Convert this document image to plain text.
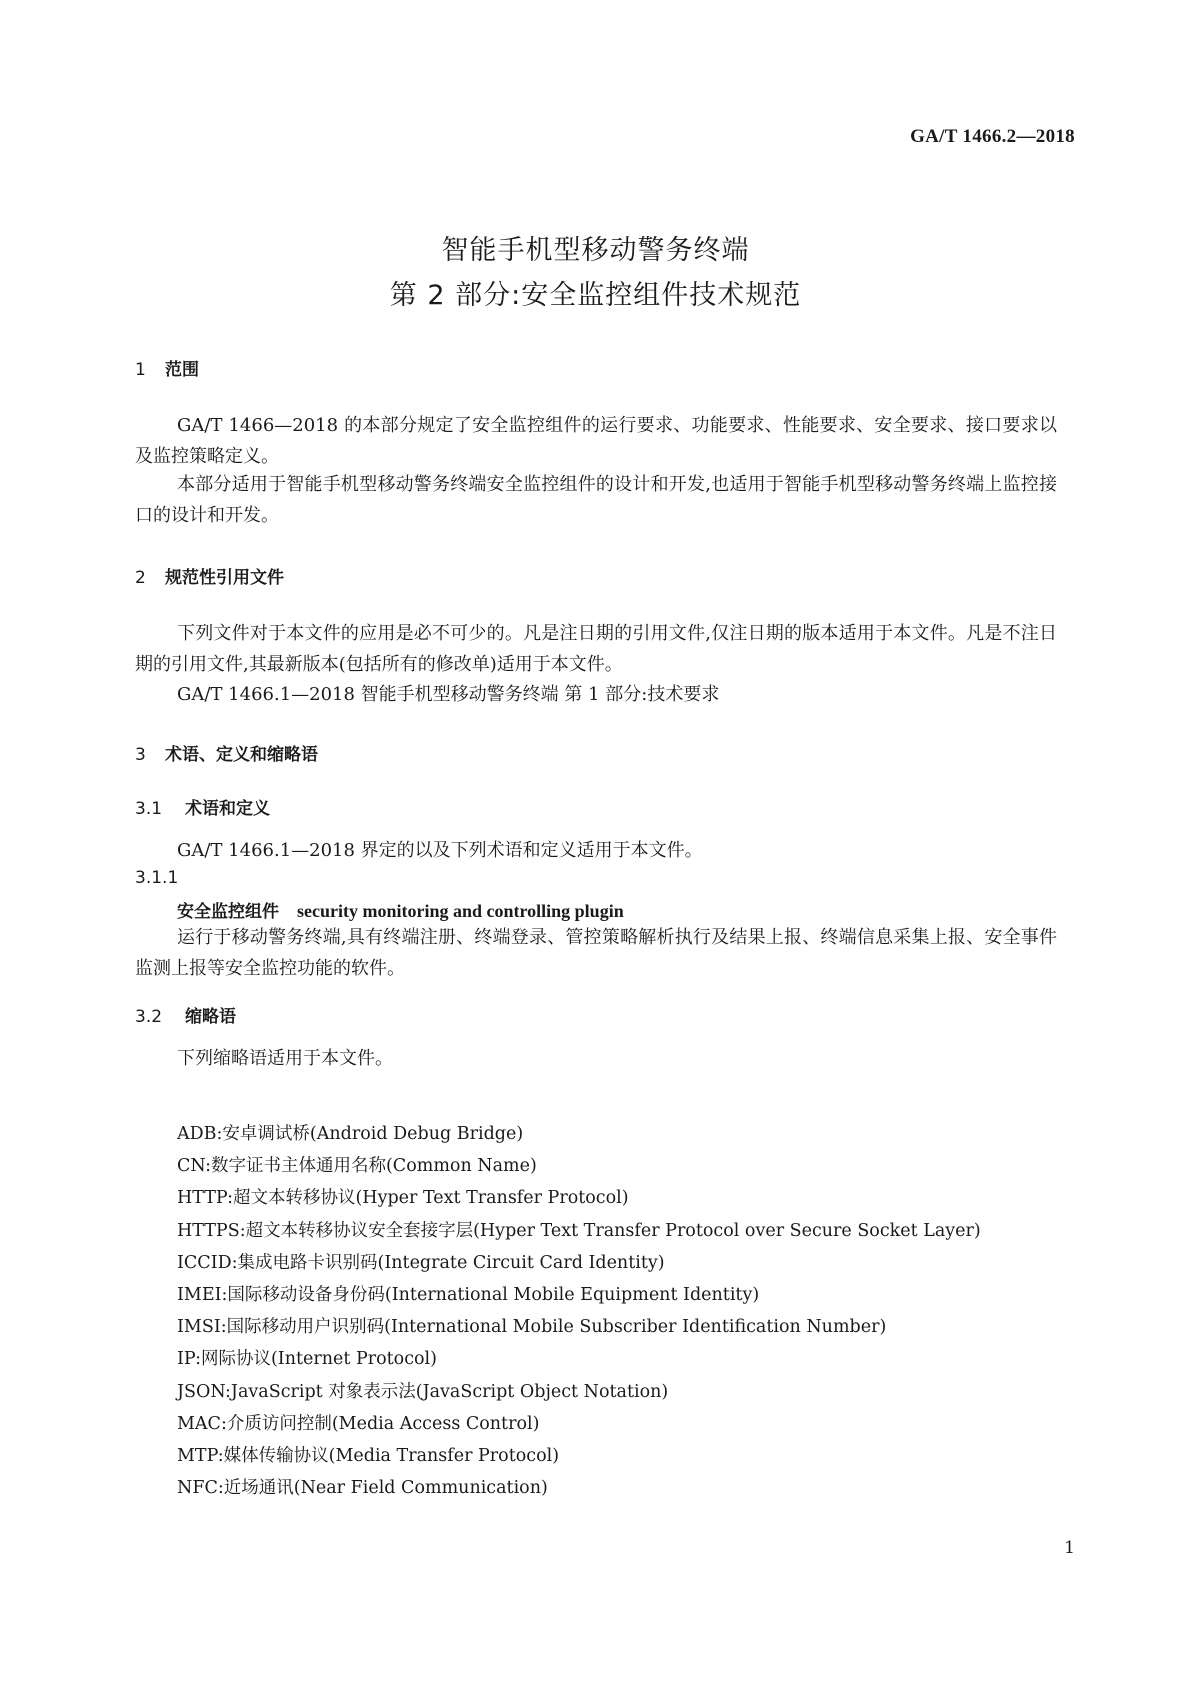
GA/T 1466.2—2018
智能手机型移动警务终端
第 2 部分:安全监控组件技术规范
1 范围
GA/T 1466—2018 的本部分规定了安全监控组件的运行要求、功能要求、性能要求、安全要求、接口要求以及监控策略定义。
本部分适用于智能手机型移动警务终端安全监控组件的设计和开发,也适用于智能手机型移动警务终端上监控接口的设计和开发。
2 规范性引用文件
下列文件对于本文件的应用是必不可少的。凡是注日期的引用文件,仅注日期的版本适用于本文件。凡是不注日期的引用文件,其最新版本(包括所有的修改单)适用于本文件。
GA/T 1466.1—2018 智能手机型移动警务终端 第 1 部分:技术要求
3 术语、定义和缩略语
3.1 术语和定义
GA/T 1466.1—2018 界定的以及下列术语和定义适用于本文件。
3.1.1
安全监控组件 security monitoring and controlling plugin
运行于移动警务终端,具有终端注册、终端登录、管控策略解析执行及结果上报、终端信息采集上报、安全事件监测上报等安全监控功能的软件。
3.2 缩略语
下列缩略语适用于本文件。
ADB:安卓调试桥(Android Debug Bridge)
CN:数字证书主体通用名称(Common Name)
HTTP:超文本转移协议(Hyper Text Transfer Protocol)
HTTPS:超文本转移协议安全套接字层(Hyper Text Transfer Protocol over Secure Socket Layer)
ICCID:集成电路卡识别码(Integrate Circuit Card Identity)
IMEI:国际移动设备身份码(International Mobile Equipment Identity)
IMSI:国际移动用户识别码(International Mobile Subscriber Identification Number)
IP:网际协议(Internet Protocol)
JSON:JavaScript 对象表示法(JavaScript Object Notation)
MAC:介质访问控制(Media Access Control)
MTP:媒体传输协议(Media Transfer Protocol)
NFC:近场通讯(Near Field Communication)
1
